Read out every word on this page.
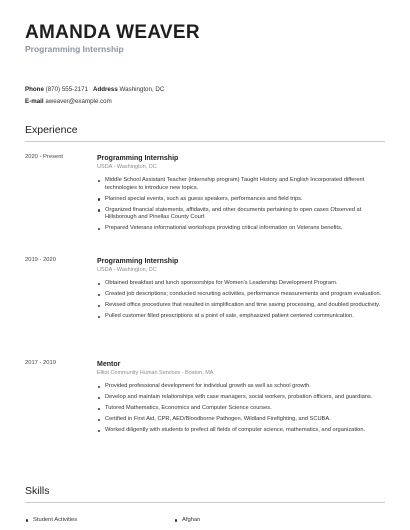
AMANDA WEAVER

Programming Internship

Phone (870) 555-2171 Address Washington, DC
E-mail aweaver@example.com
Experience
2020 - Present	Programming Internship

USDA - Washington, DC

Middle School Assistant Teacher (internship program) Taught History and English Incorporated different technologies to introduce new topics.
Planned special events, such as guess speakers, performances and field trips.
Organized financial statements, affidavits, and other documents pertaining to open cases Observed at Hillsborough and Pinellas County Court
Prepared Veterans informational workshops providing critical information on Veterans benefits.
2019 - 2020	Programming Internship

USDA - Washington, DC

Obtained breakfast and lunch sponsorships for Women's Leadership Development Program.
Created job descriptions; conducted recruiting activities, performance measurements and program evaluation.
Revised office procedures that resulted in simplification and time saving processing, and doubled productivity.
Pulled customer filled prescriptions at a point of sale, emphasized patient centered communication.
2017 - 2019	Mentor

Elliot Community Human Services - Boston, MA

Provided professional development for individual growth as well as school growth.
Develop and maintain relationships with case managers, social workers, probation officers, and guardians.
Tutored Mathematics, Economics and Computer Science courses.
Certified in First Aid, CPR, AED/Bloodborne Pathogen, Wildland Firefighting, and SCUBA.
Worked diligently with students to prefect all fields of computer science, mathematics, and organization.
Skills
Student Activities	Afghan
